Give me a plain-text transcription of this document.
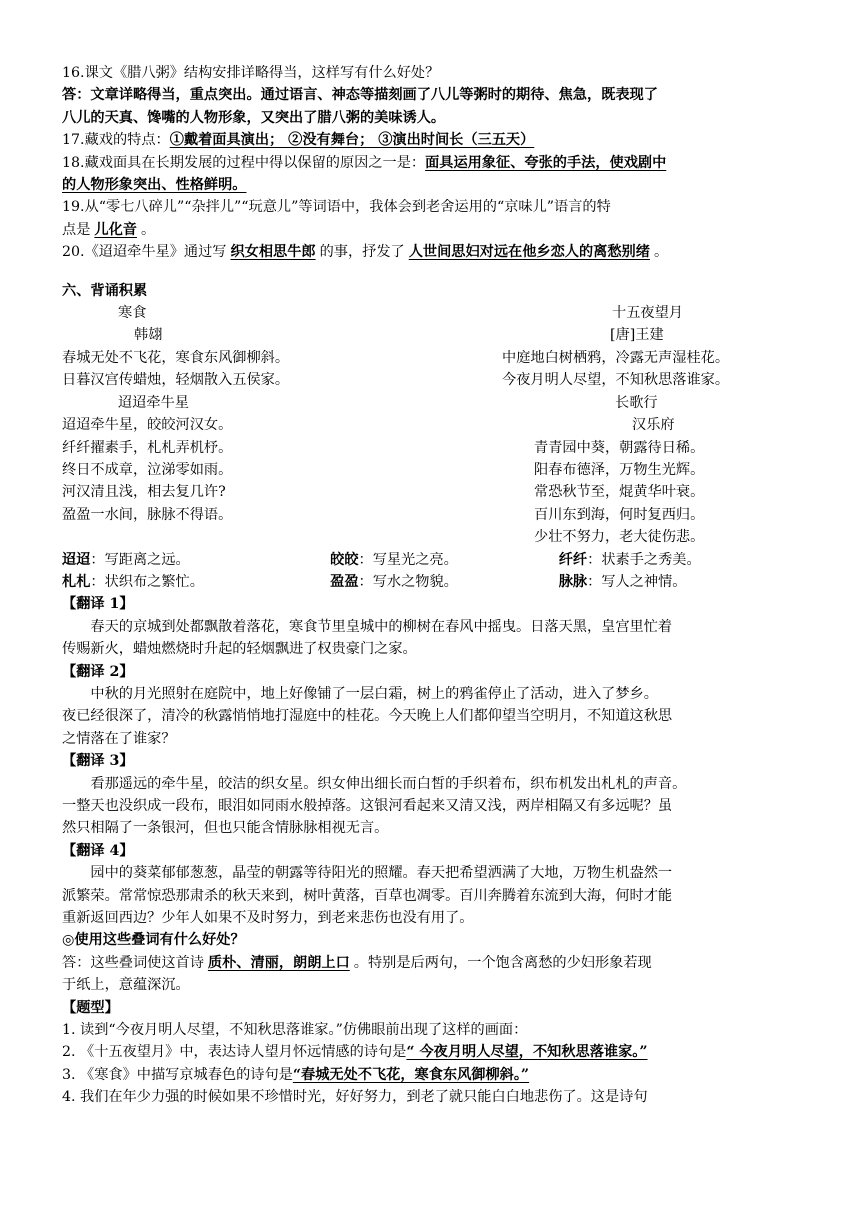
16.课文《腊八粥》结构安排详略得当，这样写有什么好处？
答：文章详略得当，重点突出。通过语言、神态等描刻画了八儿等粥时的期待、焦急，既表现了
八儿的天真、馋嘴的人物形象，又突出了腊八粥的美味诱人。
17.藏戏的特点：①戴着面具演出； ②没有舞台； ③演出时间长（三五天）
18.藏戏面具在长期发展的过程中得以保留的原因之一是：面具运用象征、夸张的手法，使戏剧中
的人物形象突出、性格鲜明。
19.从“零七八碎儿”“杂拌儿”“玩意儿”等词语中，我体会到老舍运用的“京味儿”语言的特
点是 儿化音 。
20.《迢迢牵牛星》通过写 织女相思牛郎 的事，抒发了 人世间思妇对远在他乡恋人的离愁别绪 。
六、背诵积累
寒食
韩翃
春城无处不飞花，寒食东风御柳斜。
日暮汉宫传蜡烛，轻烟散入五侯家。
迢迢牵牛星
迢迢牵牛星，皎皎河汉女。
纤纤擢素手，札札弄机杼。
终日不成章，泣涕零如雨。
河汉清且浅，相去复几许?
盈盈一水间，脉脉不得语。
十五夜望月
[唐]王建
中庭地白树栖鸦，冷露无声湿桂花。
今夜月明人尽望，不知秋思落谁家。
长歌行
汉乐府
青青园中葵，朝露待日稀。
阳春布德泽，万物生光辉。
常恐秋节至，焜黄华叶衰。
百川东到海，何时复西归。
少壮不努力，老大徒伤悲。
迢迢：写距离之远。	皎皎：写星光之亮。	纤纤：状素手之秀美。
札札：状织布之繁忙。	盈盈：写水之物貌。	脉脉：写人之神情。
【翻译 1】
春天的京城到处都飘散着落花，寒食节里皇城中的柳树在春风中摇曳。日落天黑，皇宫里忙着
传赐新火，蜡烛燃烧时升起的轻烟飘进了权贵豪门之家。
【翻译 2】
中秋的月光照射在庭院中，地上好像铺了一层白霜，树上的鸦雀停止了活动，进入了梦乡。
夜已经很深了，清冷的秋露悄悄地打湿庭中的桂花。今天晚上人们都仰望当空明月，不知道这秋思
之情落在了谁家？
【翻译 3】
看那遥远的牵牛星，皎洁的织女星。织女伸出细长而白皙的手织着布，织布机发出札札的声音。
一整天也没织成一段布，眼泪如同雨水般掉落。这银河看起来又清又浅，两岸相隔又有多远呢？虽
然只相隔了一条银河，但也只能含情脉脉相视无言。
【翻译 4】
园中的葵菜郁郁葱葱，晶莹的朝露等待阳光的照耀。春天把希望洒满了大地，万物生机盎然一
派繁荣。常常惊恐那肃杀的秋天来到，树叶黄落，百草也凋零。百川奔腾着东流到大海，何时才能
重新返回西边？少年人如果不及时努力，到老来悲伤也没有用了。
◎使用这些叠词有什么好处？
答：这些叠词使这首诗 质朴、清丽，朗朗上口 。特别是后两句，一个饱含离愁的少妇形象若现
于纸上，意蕴深沉。
【题型】
1. 读到“今夜月明人尽望，不知秋思落谁家。”仿佛眼前出现了这样的画面：
2. 《十五夜望月》中，表达诗人望月怀远情感的诗句是“ 今夜月明人尽望，不知秋思落谁家。”
3. 《寒食》中描写京城春色的诗句是“春城无处不飞花，寒食东风御柳斜。”
4. 我们在年少力强的时候如果不珍惜时光，好好努力，到老了就只能白白地悲伤了。这是诗句
